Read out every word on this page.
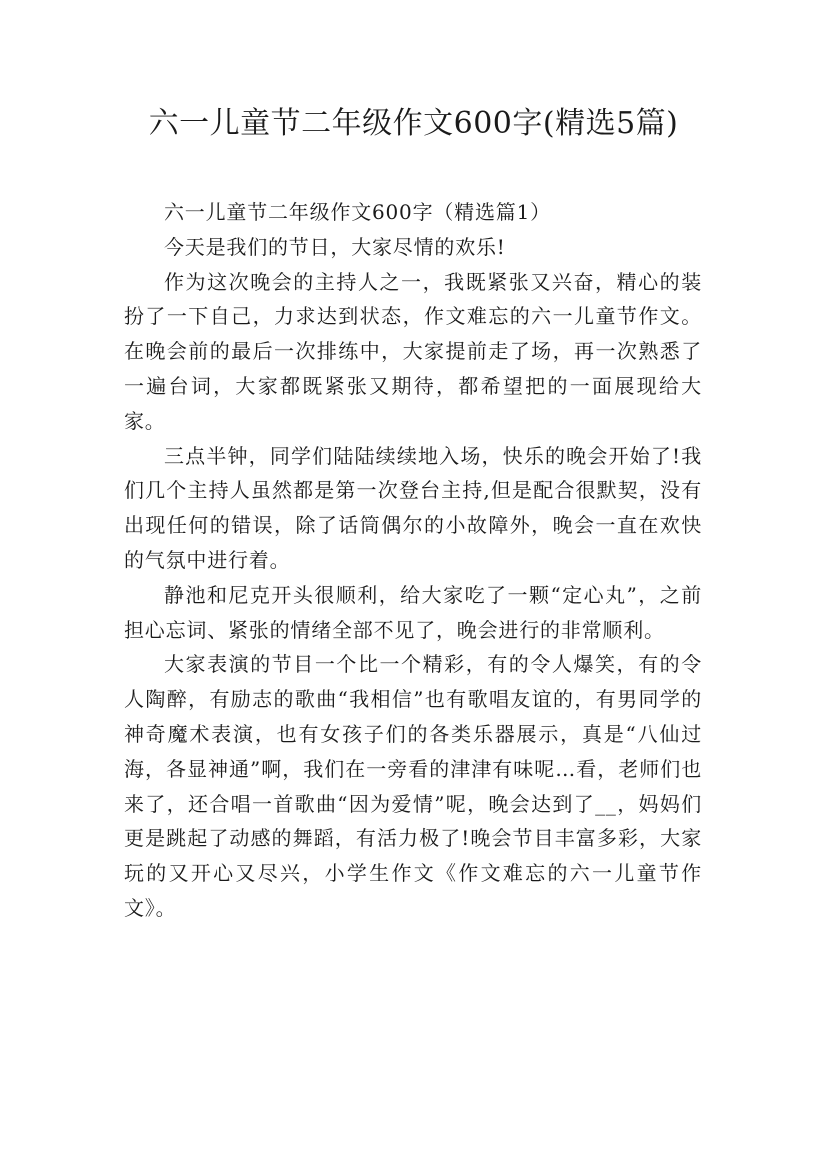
六一儿童节二年级作文600字(精选5篇)

六一儿童节二年级作文600字（精选篇1）

今天是我们的节日，大家尽情的欢乐!

作为这次晚会的主持人之一，我既紧张又兴奋，精心的装扮了一下自己，力求达到状态，作文难忘的六一儿童节作文。在晚会前的最后一次排练中，大家提前走了场，再一次熟悉了一遍台词，大家都既紧张又期待，都希望把的一面展现给大家。

三点半钟，同学们陆陆续续地入场，快乐的晚会开始了!我们几个主持人虽然都是第一次登台主持,但是配合很默契，没有出现任何的错误，除了话筒偶尔的小故障外，晚会一直在欢快的气氛中进行着。

静池和尼克开头很顺利，给大家吃了一颗“定心丸”，之前担心忘词、紧张的情绪全部不见了，晚会进行的非常顺利。

大家表演的节目一个比一个精彩，有的令人爆笑，有的令人陶醉，有励志的歌曲“我相信”也有歌唱友谊的，有男同学的神奇魔术表演，也有女孩子们的各类乐器展示，真是“八仙过海，各显神通”啊，我们在一旁看的津津有味呢…看，老师们也来了，还合唱一首歌曲“因为爱情”呢，晚会达到了__，妈妈们更是跳起了动感的舞蹈，有活力极了!晚会节目丰富多彩，大家玩的又开心又尽兴，小学生作文《作文难忘的六一儿童节作文》。
